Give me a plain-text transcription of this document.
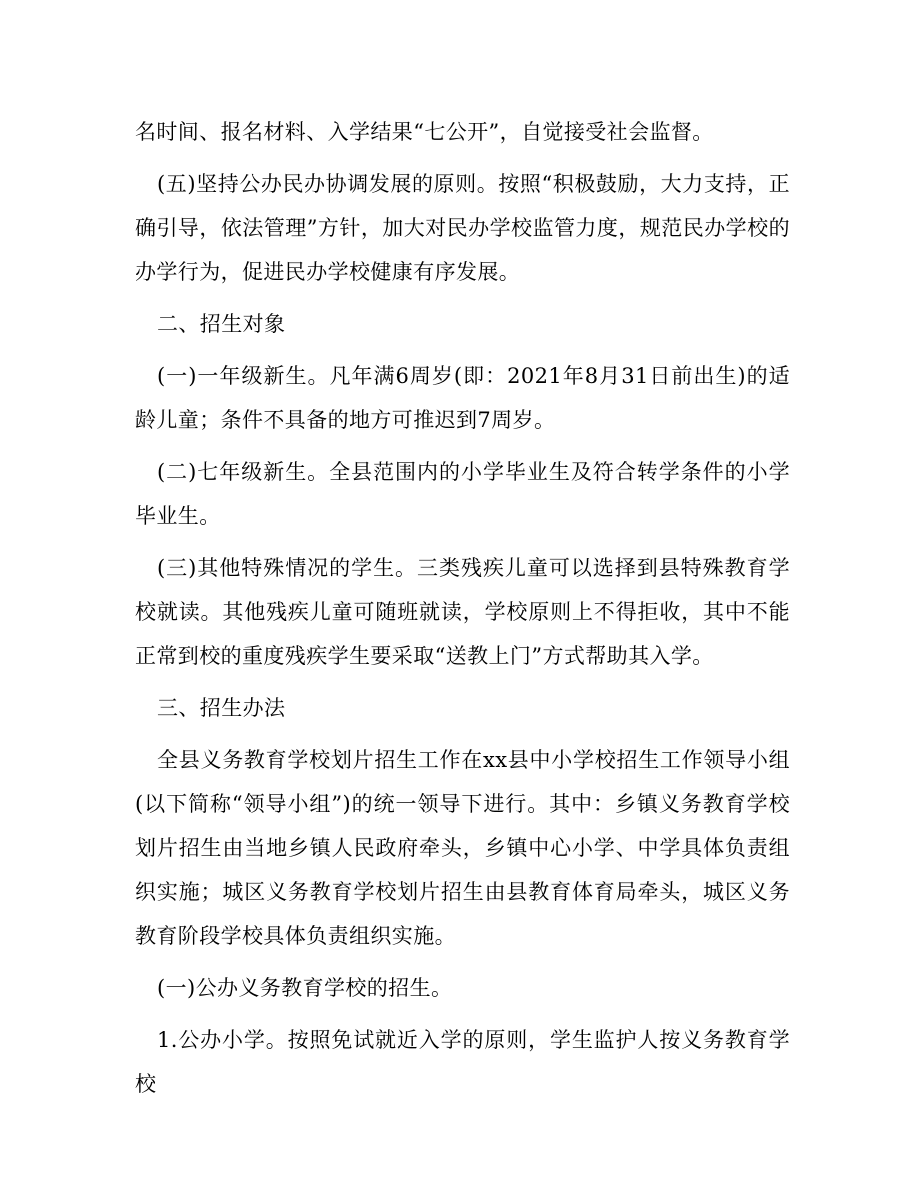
名时间、报名材料、入学结果“七公开”，自觉接受社会监督。

(五)坚持公办民办协调发展的原则。按照“积极鼓励，大力支持，正确引导，依法管理”方针，加大对民办学校监管力度，规范民办学校的办学行为，促进民办学校健康有序发展。

二、招生对象

(一)一年级新生。凡年满6周岁(即：2021年8月31日前出生)的适龄儿童；条件不具备的地方可推迟到7周岁。

(二)七年级新生。全县范围内的小学毕业生及符合转学条件的小学毕业生。

(三)其他特殊情况的学生。三类残疾儿童可以选择到县特殊教育学校就读。其他残疾儿童可随班就读，学校原则上不得拒收，其中不能正常到校的重度残疾学生要采取“送教上门”方式帮助其入学。

三、招生办法

全县义务教育学校划片招生工作在xx县中小学校招生工作领导小组(以下简称“领导小组”)的统一领导下进行。其中：乡镇义务教育学校划片招生由当地乡镇人民政府牵头，乡镇中心小学、中学具体负责组织实施；城区义务教育学校划片招生由县教育体育局牵头，城区义务教育阶段学校具体负责组织实施。

(一)公办义务教育学校的招生。

1.公办小学。按照免试就近入学的原则，学生监护人按义务教育学校
